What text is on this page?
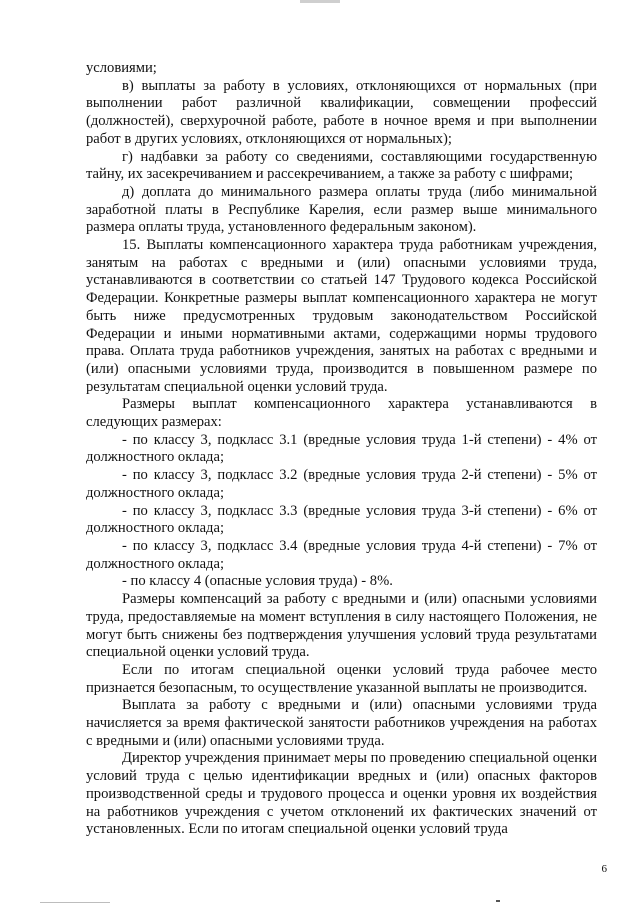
условиями;

в) выплаты за работу в условиях, отклоняющихся от нормальных (при выполнении работ различной квалификации, совмещении профессий (должностей), сверхурочной работе, работе в ночное время и при выполнении работ в других условиях, отклоняющихся от нормальных);

г) надбавки за работу со сведениями, составляющими государственную тайну, их засекречиванием и рассекречиванием, а также за работу с шифрами;

д) доплата до минимального размера оплаты труда (либо минимальной заработной платы в Республике Карелия, если размер выше минимального размера оплаты труда, установленного федеральным законом).

15. Выплаты компенсационного характера труда работникам учреждения, занятым на работах с вредными и (или) опасными условиями труда, устанавливаются в соответствии со статьей 147 Трудового кодекса Российской Федерации. Конкретные размеры выплат компенсационного характера не могут быть ниже предусмотренных трудовым законодательством Российской Федерации и иными нормативными актами, содержащими нормы трудового права. Оплата труда работников учреждения, занятых на работах с вредными и (или) опасными условиями труда, производится в повышенном размере по результатам специальной оценки условий труда.

Размеры выплат компенсационного характера устанавливаются в следующих размерах:

- по классу 3, подкласс 3.1 (вредные условия труда 1-й степени) - 4% от должностного оклада;

- по классу 3, подкласс 3.2 (вредные условия труда 2-й степени) - 5% от должностного оклада;

- по классу 3, подкласс 3.3 (вредные условия труда 3-й степени) - 6% от должностного оклада;

- по классу 3, подкласс 3.4 (вредные условия труда 4-й степени) - 7% от должностного оклада;

- по классу 4 (опасные условия труда) - 8%.

Размеры компенсаций за работу с вредными и (или) опасными условиями труда, предоставляемые на момент вступления в силу настоящего Положения, не могут быть снижены без подтверждения улучшения условий труда результатами специальной оценки условий труда.

Если по итогам специальной оценки условий труда рабочее место признается безопасным, то осуществление указанной выплаты не производится.

Выплата за работу с вредными и (или) опасными условиями труда начисляется за время фактической занятости работников учреждения на работах с вредными и (или) опасными условиями труда.

Директор учреждения принимает меры по проведению специальной оценки условий труда с целью идентификации вредных и (или) опасных факторов производственной среды и трудового процесса и оценки уровня их воздействия на работников учреждения с учетом отклонений их фактических значений от установленных. Если по итогам специальной оценки условий труда

6
